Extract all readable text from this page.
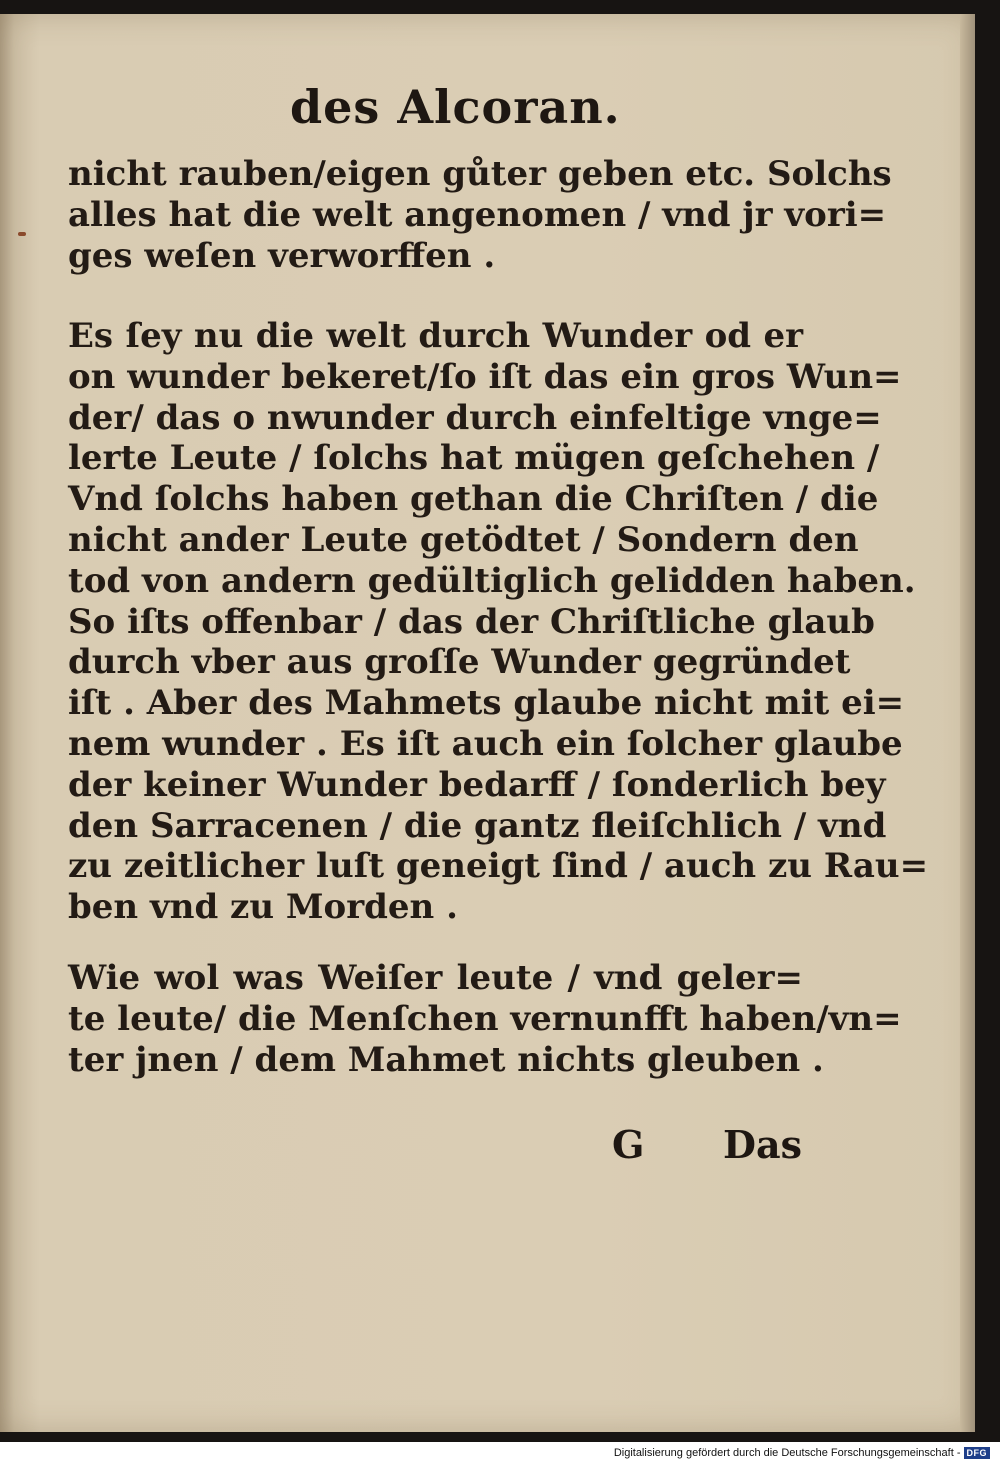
des Alcoran.
nicht rauben/eigen gůter geben etc. Solchs
alles hat die welt angenomen / vnd jr vori=
ges weſen verworffen .
Es ſey nu die welt durch Wunder od er
on wunder bekeret/ſo iſt das ein gros Wun=
der/ das o nwunder durch einfeltige vnge=
lerte Leute / ſolchs hat mügen geſchehen /
Vnd ſolchs haben gethan die Chriſten / die
nicht ander Leute getödtet / Sondern den
tod von andern gedültiglich gelidden haben.
So iſts offenbar / das der Chriſtliche glaub
durch vber aus groſſe Wunder gegründet
iſt . Aber des Mahmets glaube nicht mit ei=
nem wunder . Es iſt auch ein ſolcher glaube
der keiner Wunder bedarff / ſonderlich bey
den Sarracenen / die gantz fleiſchlich / vnd
zu zeitlicher luſt geneigt ſind / auch zu Rau=
ben vnd zu Morden .
Wie wol was Weiſer leute / vnd geler=
te leute/ die Menſchen vernunfft haben/vn=
ter jnen / dem Mahmet nichts gleuben .
G Das
Digitalisierung gefördert durch die Deutsche Forschungsgemeinschaft - DFG
